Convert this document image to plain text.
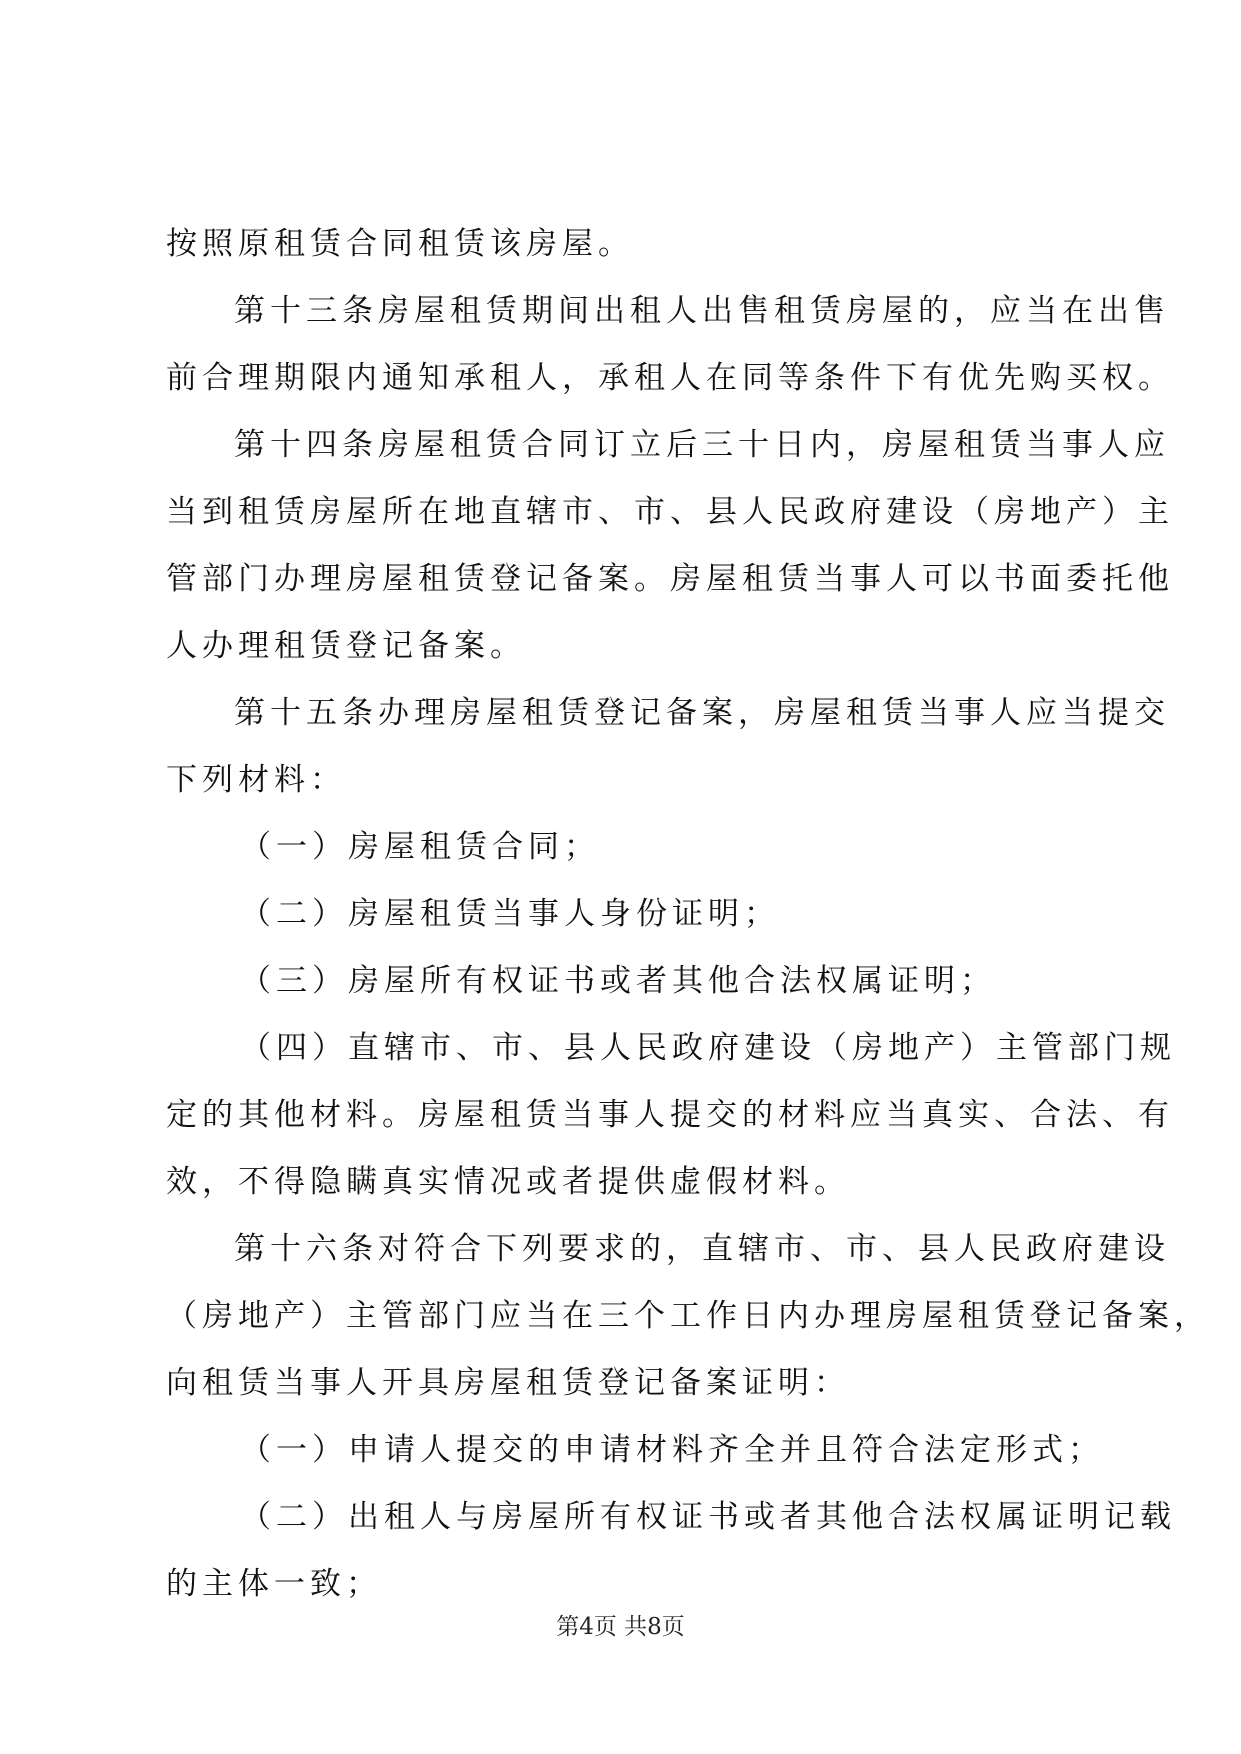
按照原租赁合同租赁该房屋。
第十三条房屋租赁期间出租人出售租赁房屋的，应当在出售
前合理期限内通知承租人，承租人在同等条件下有优先购买权。
第十四条房屋租赁合同订立后三十日内，房屋租赁当事人应
当到租赁房屋所在地直辖市、市、县人民政府建设（房地产）主
管部门办理房屋租赁登记备案。房屋租赁当事人可以书面委托他
人办理租赁登记备案。
第十五条办理房屋租赁登记备案，房屋租赁当事人应当提交
下列材料：
（一）房屋租赁合同；
（二）房屋租赁当事人身份证明；
（三）房屋所有权证书或者其他合法权属证明；
（四）直辖市、市、县人民政府建设（房地产）主管部门规
定的其他材料。房屋租赁当事人提交的材料应当真实、合法、有
效，不得隐瞒真实情况或者提供虚假材料。
第十六条对符合下列要求的，直辖市、市、县人民政府建设
（房地产）主管部门应当在三个工作日内办理房屋租赁登记备案，
向租赁当事人开具房屋租赁登记备案证明：
（一）申请人提交的申请材料齐全并且符合法定形式；
（二）出租人与房屋所有权证书或者其他合法权属证明记载
的主体一致；
第4页 共8页
